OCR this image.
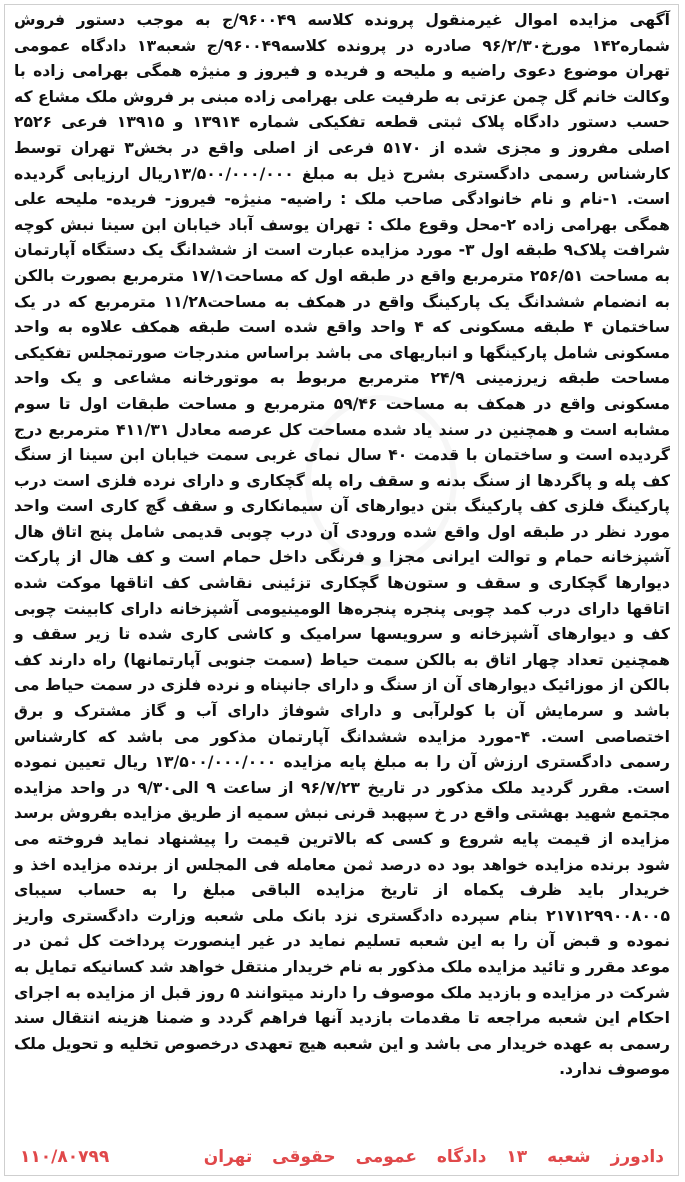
آگهی مزایده اموال غیرمنقول پرونده کلاسه ۹۶۰۰۴۹/ج به موجب دستور فروش شماره۱۴۲ مورخ۹۶/۲/۳۰ صادره در پرونده کلاسه۹۶۰۰۴۹/ج شعبه۱۳ دادگاه عمومی تهران موضوع دعوی راضیه و ملیحه و فریده و فیروز و منیژه همگی بهرامی زاده با وکالت خانم گل چمن عزتی به طرفیت علی بهرامی زاده مبنی بر فروش ملک مشاع که حسب دستور دادگاه پلاک ثبتی قطعه تفکیکی شماره ۱۳۹۱۴ و ۱۳۹۱۵ فرعی ۲۵۲۶ اصلی مفروز و مجزی شده از ۵۱۷۰ فرعی از اصلی واقع در بخش۳ تهران توسط کارشناس رسمی دادگستری بشرح ذیل به مبلغ ۱۳/۵۰۰/۰۰۰/۰۰۰ریال ارزیابی گردیده است. ۱-نام و نام خانوادگی صاحب ملک : راضیه- منیژه- فیروز- فریده- ملیحه علی همگی بهرامی زاده ۲-محل وقوع ملک : تهران یوسف آباد خیابان ابن سینا نبش کوچه شرافت پلاک۹ طبقه اول ۳- مورد مزایده عبارت است از ششدانگ یک دستگاه آپارتمان به مساحت ۲۵۶/۵۱ مترمربع واقع در طبقه اول که مساحت۱۷/۱ مترمربع بصورت بالکن به انضمام ششدانگ یک پارکینگ واقع در همکف به مساحت۱۱/۲۸ مترمربع که در یک ساختمان ۴ طبقه مسکونی که ۴ واحد واقع شده است طبقه همکف علاوه به واحد مسکونی شامل پارکینگها و انباریهای می باشد براساس مندرجات صورتمجلس تفکیکی مساحت طبقه زیرزمینی ۲۴/۹ مترمربع مربوط به موتورخانه مشاعی و یک واحد مسکونی واقع در همکف به مساحت ۵۹/۴۶ مترمربع و مساحت طبقات اول تا سوم مشابه است و همچنین در سند یاد شده مساحت کل عرصه معادل ۴۱۱/۳۱ مترمربع درج گردیده است و ساختمان با قدمت ۴۰ سال نمای غربی سمت خیابان ابن سینا از سنگ کف پله و پاگردها از سنگ بدنه و سقف راه پله گچکاری و دارای نرده فلزی است درب پارکینگ فلزی کف پارکینگ بتن دیوارهای آن سیمانکاری و سقف گچ کاری است واحد مورد نظر در طبقه اول واقع شده ورودی آن درب چوبی قدیمی شامل پنج اتاق هال آشپزخانه حمام و توالت ایرانی مجزا و فرنگی داخل حمام است و کف هال از پارکت دیوارها گچکاری و سقف و ستون‌ها گچکاری تزئینی نقاشی کف اتاقها موکت شده اتاقها دارای درب کمد چوبی پنجره پنجره‌ها الومینیومی آشپزخانه دارای کابینت چوبی کف و دیوارهای آشپزخانه و سرویسها سرامیک و کاشی کاری شده تا زیر سقف و همچنین تعداد چهار اتاق به بالکن سمت حیاط (سمت جنوبی آپارتمانها) راه دارند کف بالکن از موزائیک دیوارهای آن از سنگ و دارای جانپناه و نرده فلزی در سمت حیاط می باشد و سرمایش آن با کولرآبی و دارای شوفاژ دارای آب و گاز مشترک و برق اختصاصی است. ۴-مورد مزایده ششدانگ آپارتمان مذکور می باشد که کارشناس رسمی دادگستری ارزش آن را به مبلغ پایه مزایده ۱۳/۵۰۰/۰۰۰/۰۰۰ ریال تعیین نموده است. مقرر گردید ملک مذکور در تاریخ ۹۶/۷/۲۳ از ساعت ۹ الی۹/۳۰ در واحد مزایده مجتمع شهید بهشتی واقع در خ سپهبد قرنی نبش سمیه از طریق مزایده بفروش برسد مزایده از قیمت پایه شروع و کسی که بالاترین قیمت را پیشنهاد نماید فروخته می شود برنده مزایده خواهد بود ده درصد ثمن معامله فی المجلس از برنده مزایده اخذ و خریدار باید ظرف یکماه از تاریخ مزایده الباقی مبلغ را به حساب سیبای ۲۱۷۱۲۹۹۰۰۸۰۰۵ بنام سپرده دادگستری نزد بانک ملی شعبه وزارت دادگستری واریز نموده و قبض آن را به این شعبه تسلیم نماید در غیر اینصورت پرداخت کل ثمن در موعد مقرر و تائید مزایده ملک مذکور به نام خریدار منتقل خواهد شد کسانیکه تمایل به شرکت در مزایده و بازدید ملک موصوف را دارند میتوانند ۵ روز قبل از مزایده به اجرای احکام این شعبه مراجعه تا مقدمات بازدید آنها فراهم گردد و ضمنا هزینه انتقال سند رسمی به عهده خریدار می باشد و این شعبه هیچ تعهدی درخصوص تخلیه و تحویل ملک موصوف ندارد.

دادورز شعبه ۱۳ دادگاه عمومی حقوقی تهران
۱۱۰/۸۰۷۹۹
